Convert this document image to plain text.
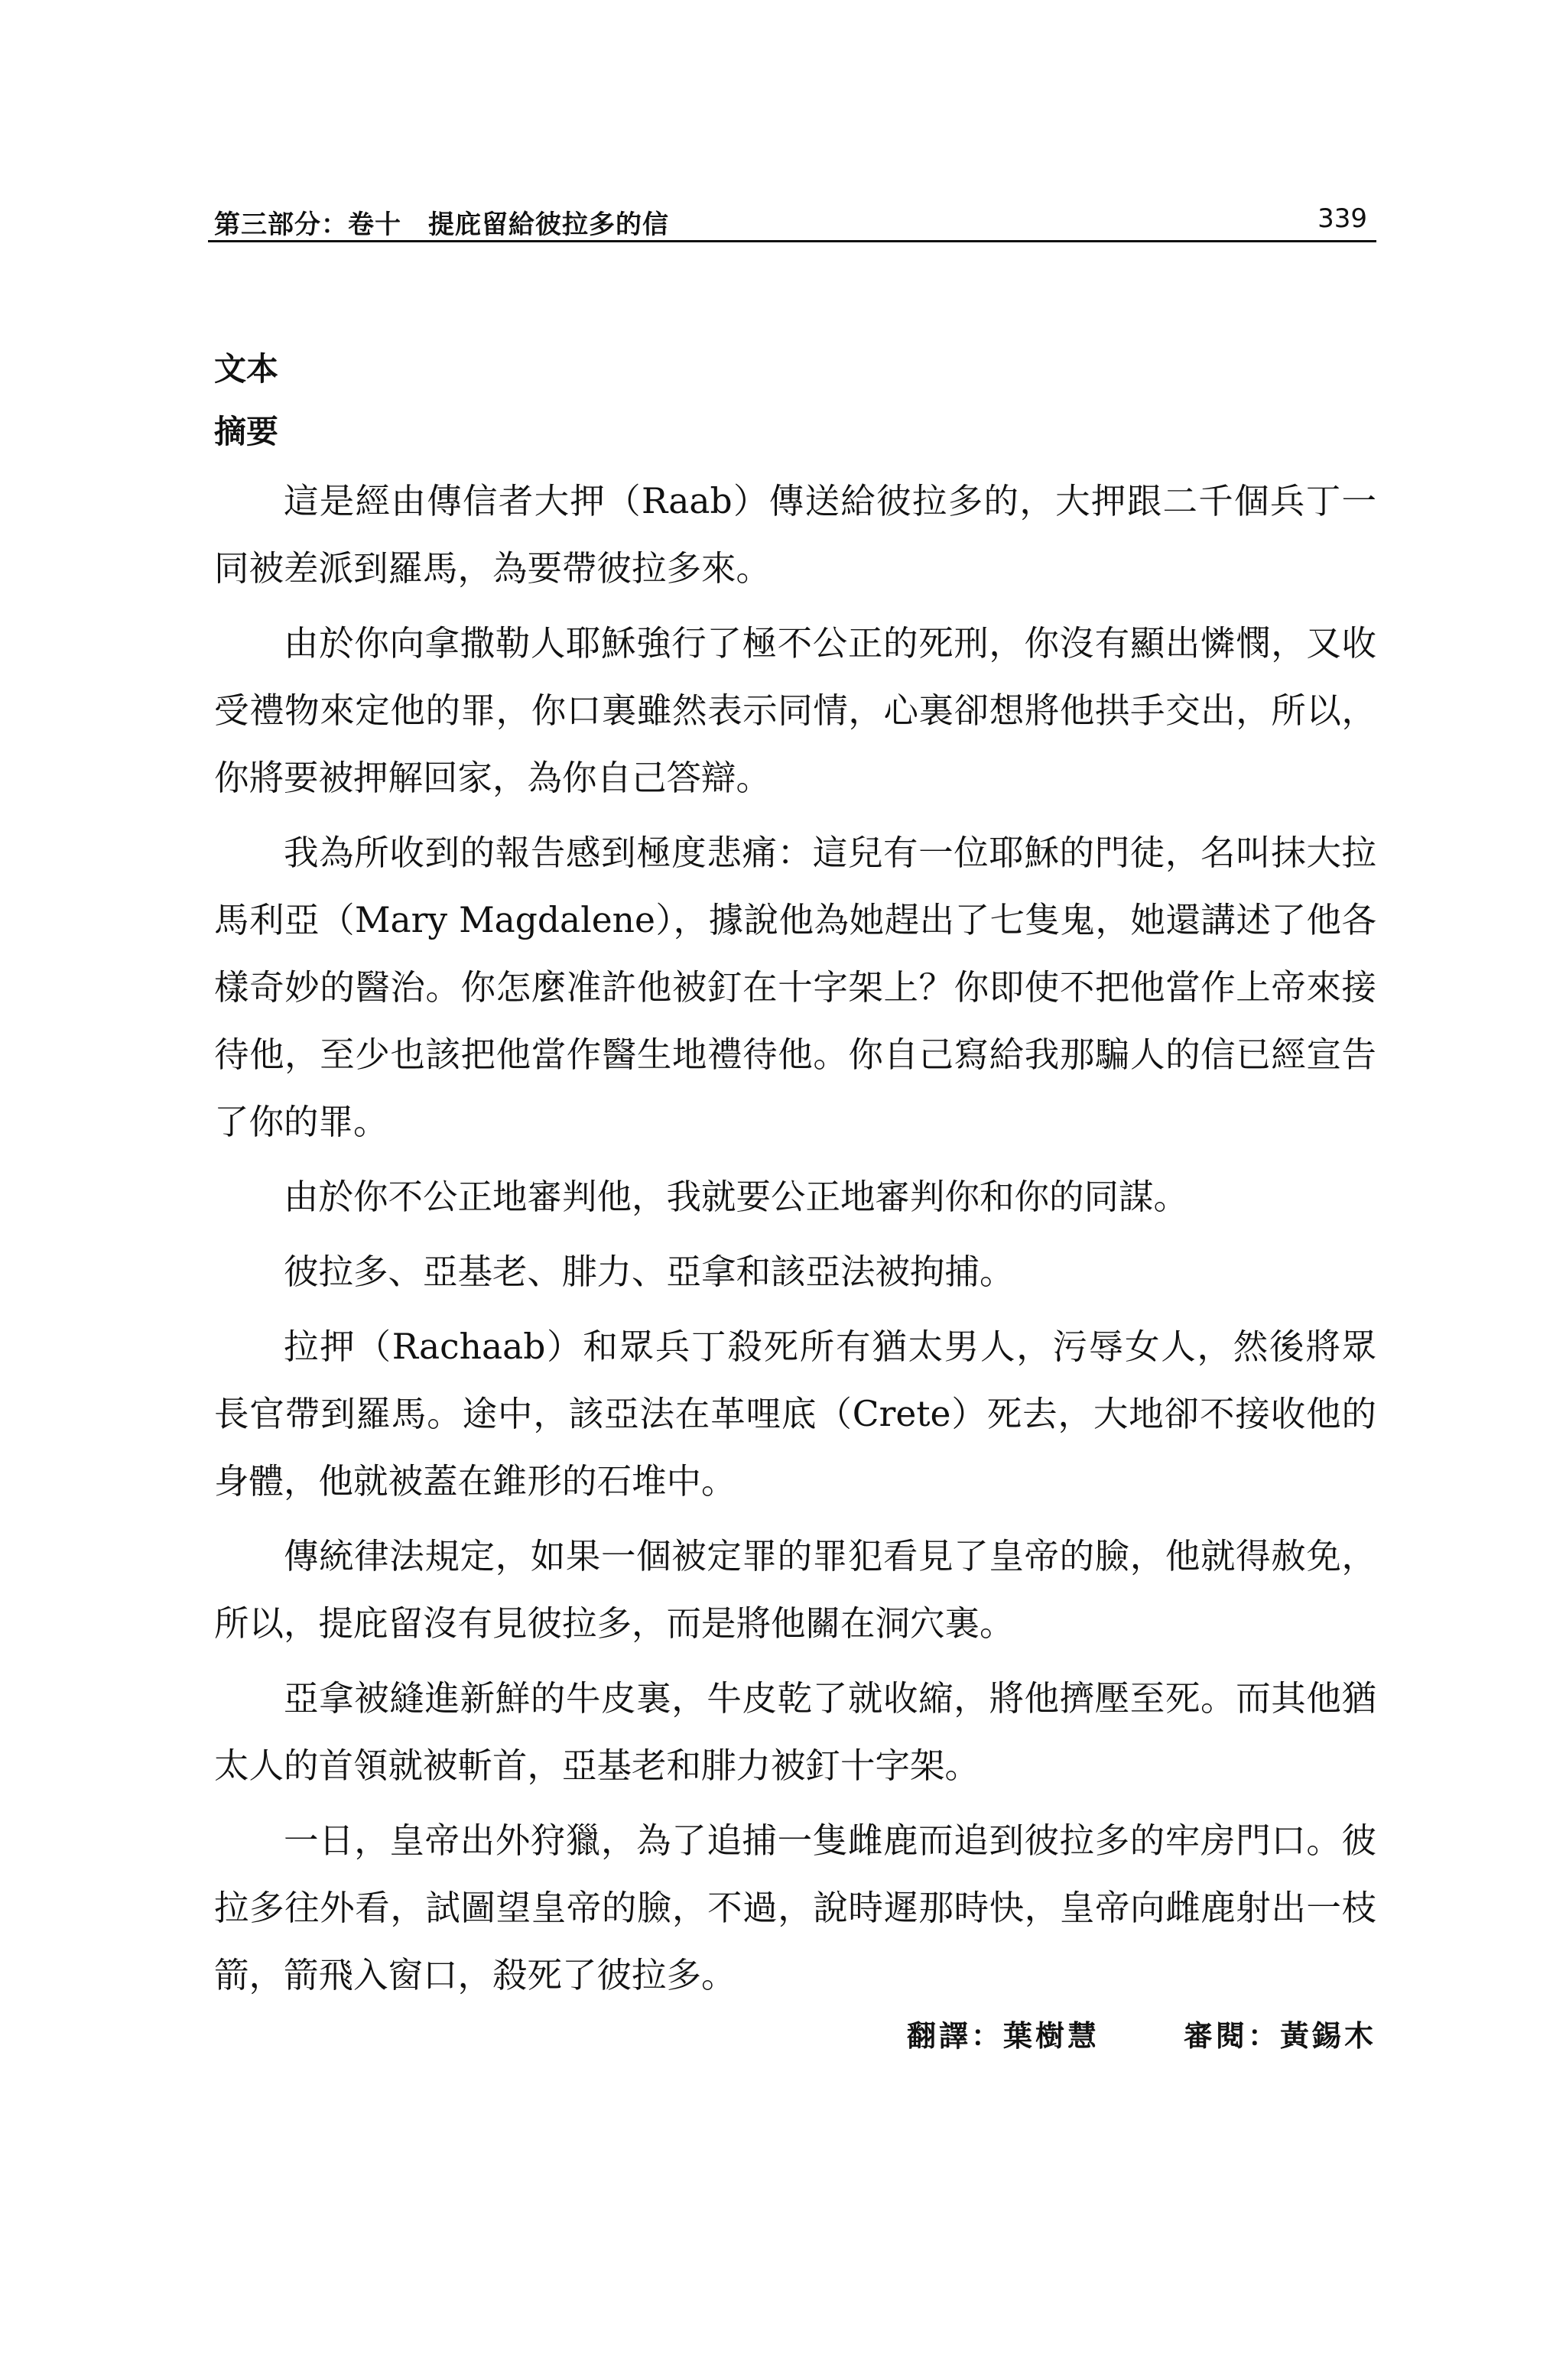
第三部分：卷十　提庇留給彼拉多的信	339
文本
摘要

這是經由傳信者大押（Raab）傳送給彼拉多的，大押跟二千個兵丁一同被差派到羅馬，為要帶彼拉多來。

由於你向拿撒勒人耶穌強行了極不公正的死刑，你沒有顯出憐憫，又收受禮物來定他的罪，你口裏雖然表示同情，心裏卻想將他拱手交出，所以，你將要被押解回家，為你自己答辯。

我為所收到的報告感到極度悲痛：這兒有一位耶穌的門徒，名叫抹大拉馬利亞（Mary Magdalene），據說他為她趕出了七隻鬼，她還講述了他各樣奇妙的醫治。你怎麼准許他被釘在十字架上？你即使不把他當作上帝來接待他，至少也該把他當作醫生地禮待他。你自己寫給我那騙人的信已經宣告了你的罪。

由於你不公正地審判他，我就要公正地審判你和你的同謀。

彼拉多、亞基老、腓力、亞拿和該亞法被拘捕。

拉押（Rachaab）和眾兵丁殺死所有猶太男人，污辱女人，然後將眾長官帶到羅馬。途中，該亞法在革哩底（Crete）死去，大地卻不接收他的身體，他就被蓋在錐形的石堆中。

傳統律法規定，如果一個被定罪的罪犯看見了皇帝的臉，他就得赦免，所以，提庇留沒有見彼拉多，而是將他關在洞穴裏。

亞拿被縫進新鮮的牛皮裏，牛皮乾了就收縮，將他擠壓至死。而其他猶太人的首領就被斬首，亞基老和腓力被釘十字架。

一日，皇帝出外狩獵，為了追捕一隻雌鹿而追到彼拉多的牢房門口。彼拉多往外看，試圖望皇帝的臉，不過，說時遲那時快，皇帝向雌鹿射出一枝箭，箭飛入窗口，殺死了彼拉多。

翻譯：葉樹慧	審閱：黃錫木
